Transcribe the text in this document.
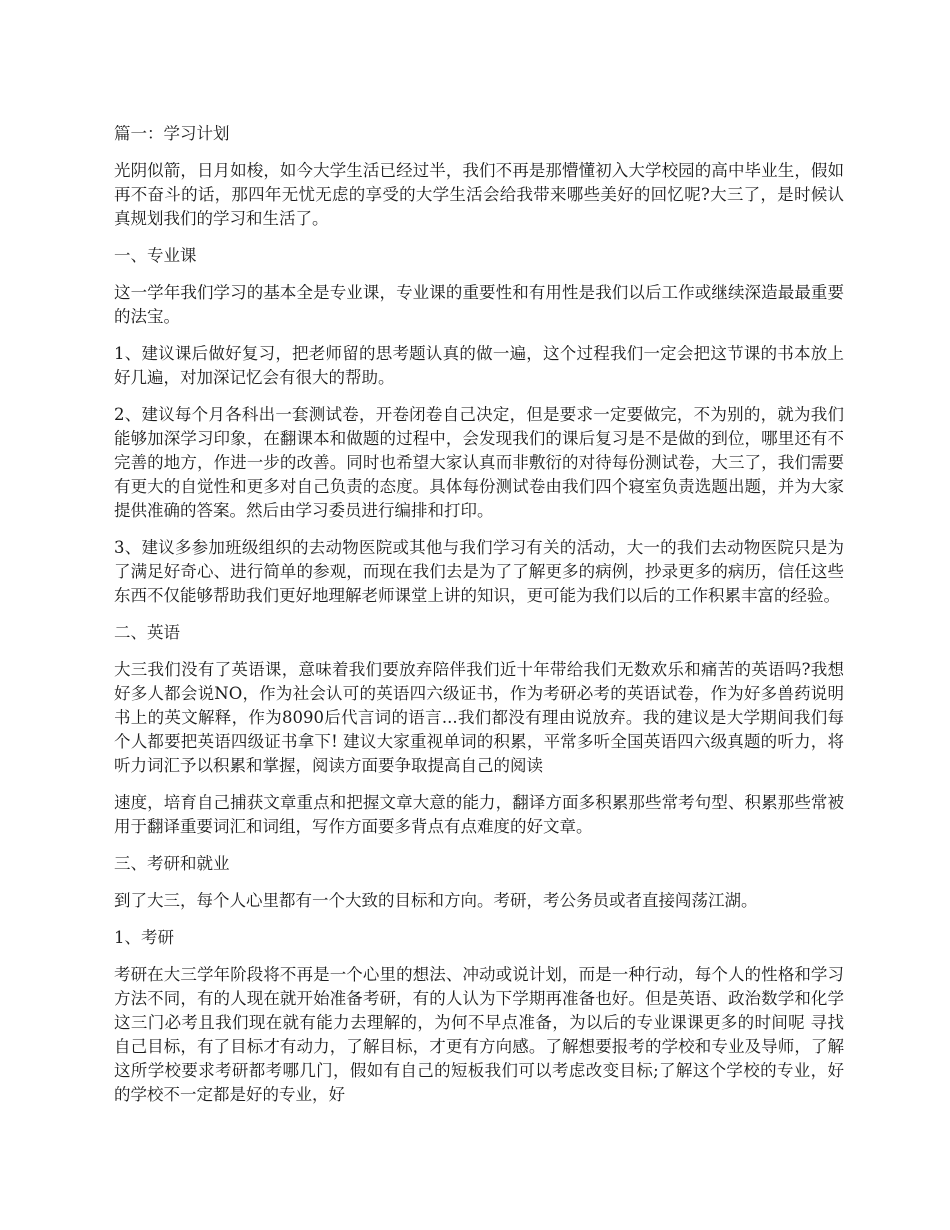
篇一：学习计划

光阴似箭，日月如梭，如今大学生活已经过半，我们不再是那懵懂初入大学校园的高中毕业生，假如再不奋斗的话，那四年无忧无虑的享受的大学生活会给我带来哪些美好的回忆呢?大三了，是时候认真规划我们的学习和生活了。

一、专业课

这一学年我们学习的基本全是专业课，专业课的重要性和有用性是我们以后工作或继续深造最最重要的法宝。

1、建议课后做好复习，把老师留的思考题认真的做一遍，这个过程我们一定会把这节课的书本放上好几遍，对加深记忆会有很大的帮助。

2、建议每个月各科出一套测试卷，开卷闭卷自己决定，但是要求一定要做完，不为别的，就为我们能够加深学习印象，在翻课本和做题的过程中，会发现我们的课后复习是不是做的到位，哪里还有不完善的地方，作进一步的改善。同时也希望大家认真而非敷衍的对待每份测试卷，大三了，我们需要有更大的自觉性和更多对自己负责的态度。具体每份测试卷由我们四个寝室负责选题出题，并为大家提供准确的答案。然后由学习委员进行编排和打印。

3、建议多参加班级组织的去动物医院或其他与我们学习有关的活动，大一的我们去动物医院只是为了满足好奇心、进行简单的参观，而现在我们去是为了了解更多的病例，抄录更多的病历，信任这些东西不仅能够帮助我们更好地理解老师课堂上讲的知识，更可能为我们以后的工作积累丰富的经验。

二、英语

大三我们没有了英语课，意味着我们要放弃陪伴我们近十年带给我们无数欢乐和痛苦的英语吗?我想好多人都会说NO，作为社会认可的英语四六级证书，作为考研必考的英语试卷，作为好多兽药说明书上的英文解释，作为8090后代言词的语言...我们都没有理由说放弃。我的建议是大学期间我们每个人都要把英语四级证书拿下! 建议大家重视单词的积累，平常多听全国英语四六级真题的听力，将听力词汇予以积累和掌握，阅读方面要争取提高自己的阅读

速度，培育自己捕获文章重点和把握文章大意的能力，翻译方面多积累那些常考句型、积累那些常被用于翻译重要词汇和词组，写作方面要多背点有点难度的好文章。

三、考研和就业

到了大三，每个人心里都有一个大致的目标和方向。考研，考公务员或者直接闯荡江湖。

1、考研

考研在大三学年阶段将不再是一个心里的想法、冲动或说计划，而是一种行动，每个人的性格和学习方法不同，有的人现在就开始准备考研，有的人认为下学期再准备也好。但是英语、政治数学和化学这三门必考且我们现在就有能力去理解的，为何不早点准备，为以后的专业课课更多的时间呢 寻找自己目标，有了目标才有动力，了解目标，才更有方向感。了解想要报考的学校和专业及导师，了解这所学校要求考研都考哪几门，假如有自己的短板我们可以考虑改变目标;了解这个学校的专业，好的学校不一定都是好的专业，好
